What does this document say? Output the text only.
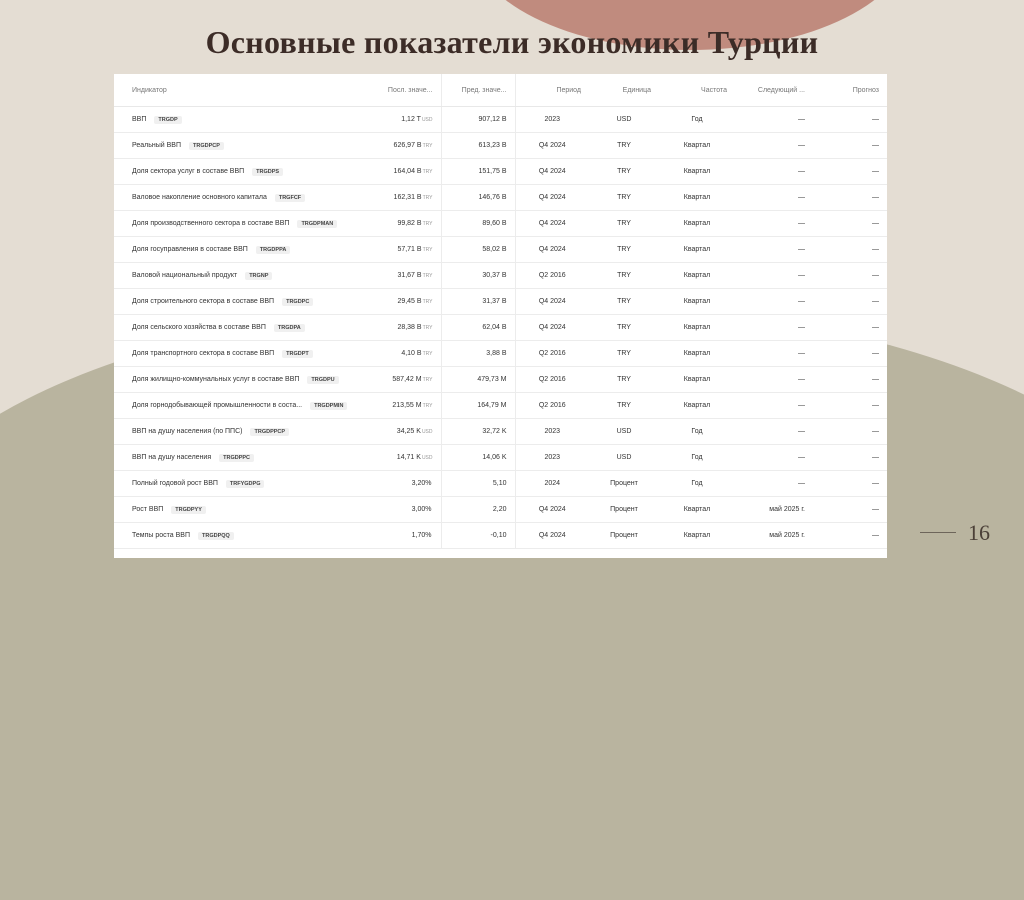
Основные показатели экономики Турции
Индикатор	Посл. значе...	Пред. значе...	Период	Единица	Частота	Следующий ...	Прогноз
ВВП TRGDP	1,12 TUSD	907,12 B	2023	USD	Год	—	—
Реальный ВВП TRGDPCP	626,97 BTRY	613,23 B	Q4 2024	TRY	Квартал	—	—
Доля сектора услуг в составе ВВП TRGDPS	164,04 BTRY	151,75 B	Q4 2024	TRY	Квартал	—	—
Валовое накопление основного капитала TRGFCF	162,31 BTRY	146,76 B	Q4 2024	TRY	Квартал	—	—
Доля производственного сектора в составе ВВП TRGDPMAN	99,82 BTRY	89,60 B	Q4 2024	TRY	Квартал	—	—
Доля госуправления в составе ВВП TRGDPPA	57,71 BTRY	58,02 B	Q4 2024	TRY	Квартал	—	—
Валовой национальный продукт TRGNP	31,67 BTRY	30,37 B	Q2 2016	TRY	Квартал	—	—
Доля строительного сектора в составе ВВП TRGDPC	29,45 BTRY	31,37 B	Q4 2024	TRY	Квартал	—	—
Доля сельского хозяйства в составе ВВП TRGDPA	28,38 BTRY	62,04 B	Q4 2024	TRY	Квартал	—	—
Доля транспортного сектора в составе ВВП TRGDPT	4,10 BTRY	3,88 B	Q2 2016	TRY	Квартал	—	—
Доля жилищно-коммунальных услуг в составе ВВП TRGDPU	587,42 MTRY	479,73 M	Q2 2016	TRY	Квартал	—	—
Доля горнодобывающей промышленности в соста... TRGDPMIN	213,55 MTRY	164,79 M	Q2 2016	TRY	Квартал	—	—
ВВП на душу населения (по ППС) TRGDPPCP	34,25 KUSD	32,72 K	2023	USD	Год	—	—
ВВП на душу населения TRGDPPC	14,71 KUSD	14,06 K	2023	USD	Год	—	—
Полный годовой рост ВВП TRFYGDPG	3,20%	5,10	2024	Процент	Год	—	—
Рост ВВП TRGDPYY	3,00%	2,20	Q4 2024	Процент	Квартал	май 2025 г.	—
Темпы роста ВВП TRGDPQQ	1,70%	-0,10	Q4 2024	Процент	Квартал	май 2025 г.	—	16
